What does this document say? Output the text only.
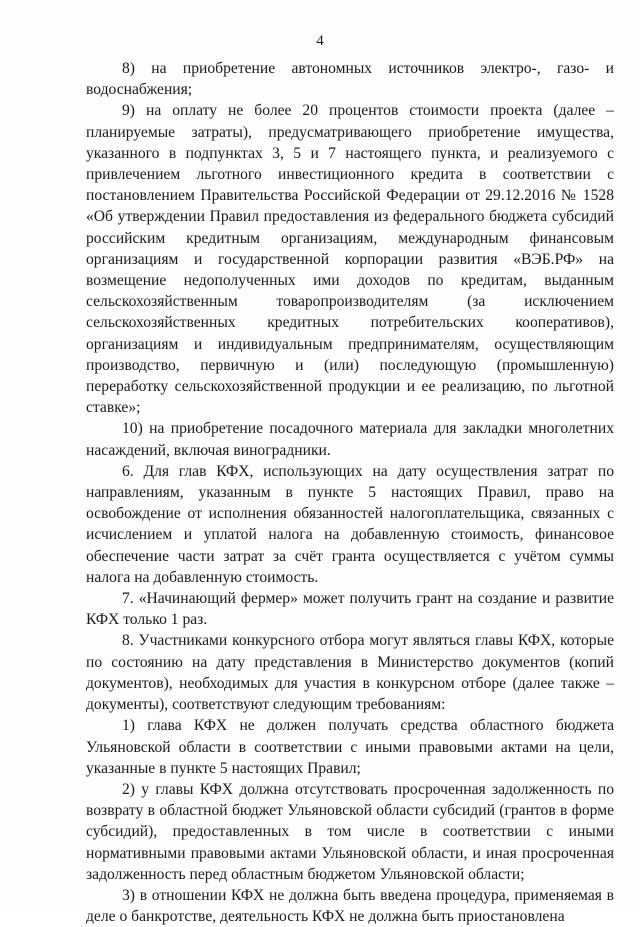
4

8) на приобретение автономных источников электро-, газо- и водоснабжения;

9) на оплату не более 20 процентов стоимости проекта (далее – планируемые затраты), предусматривающего приобретение имущества, указанного в подпунктах 3, 5 и 7 настоящего пункта, и реализуемого с привлечением льготного инвестиционного кредита в соответствии с постановлением Правительства Российской Федерации от 29.12.2016 № 1528 «Об утверждении Правил предоставления из федерального бюджета субсидий российским кредитным организациям, международным финансовым организациям и государственной корпорации развития «ВЭБ.РФ» на возмещение недополученных ими доходов по кредитам, выданным сельскохозяйственным товаропроизводителям (за исключением сельскохозяйственных кредитных потребительских кооперативов), организациям и индивидуальным предпринимателям, осуществляющим производство, первичную и (или) последующую (промышленную) переработку сельскохозяйственной продукции и ее реализацию, по льготной ставке»;

10) на приобретение посадочного материала для закладки многолетних насаждений, включая виноградники.

6. Для глав КФХ, использующих на дату осуществления затрат по направлениям, указанным в пункте 5 настоящих Правил, право на освобождение от исполнения обязанностей налогоплательщика, связанных с исчислением и уплатой налога на добавленную стоимость, финансовое обеспечение части затрат за счёт гранта осуществляется с учётом суммы налога на добавленную стоимость.

7. «Начинающий фермер» может получить грант на создание и развитие КФХ только 1 раз.

8. Участниками конкурсного отбора могут являться главы КФХ, которые по состоянию на дату представления в Министерство документов (копий документов), необходимых для участия в конкурсном отборе (далее также – документы), соответствуют следующим требованиям:

1) глава КФХ не должен получать средства областного бюджета Ульяновской области в соответствии с иными правовыми актами на цели, указанные в пункте 5 настоящих Правил;

2) у главы КФХ должна отсутствовать просроченная задолженность по возврату в областной бюджет Ульяновской области субсидий (грантов в форме субсидий), предоставленных в том числе в соответствии с иными нормативными правовыми актами Ульяновской области, и иная просроченная задолженность перед областным бюджетом Ульяновской области;

3) в отношении КФХ не должна быть введена процедура, применяемая в деле о банкротстве, деятельность КФХ не должна быть приостановлена
